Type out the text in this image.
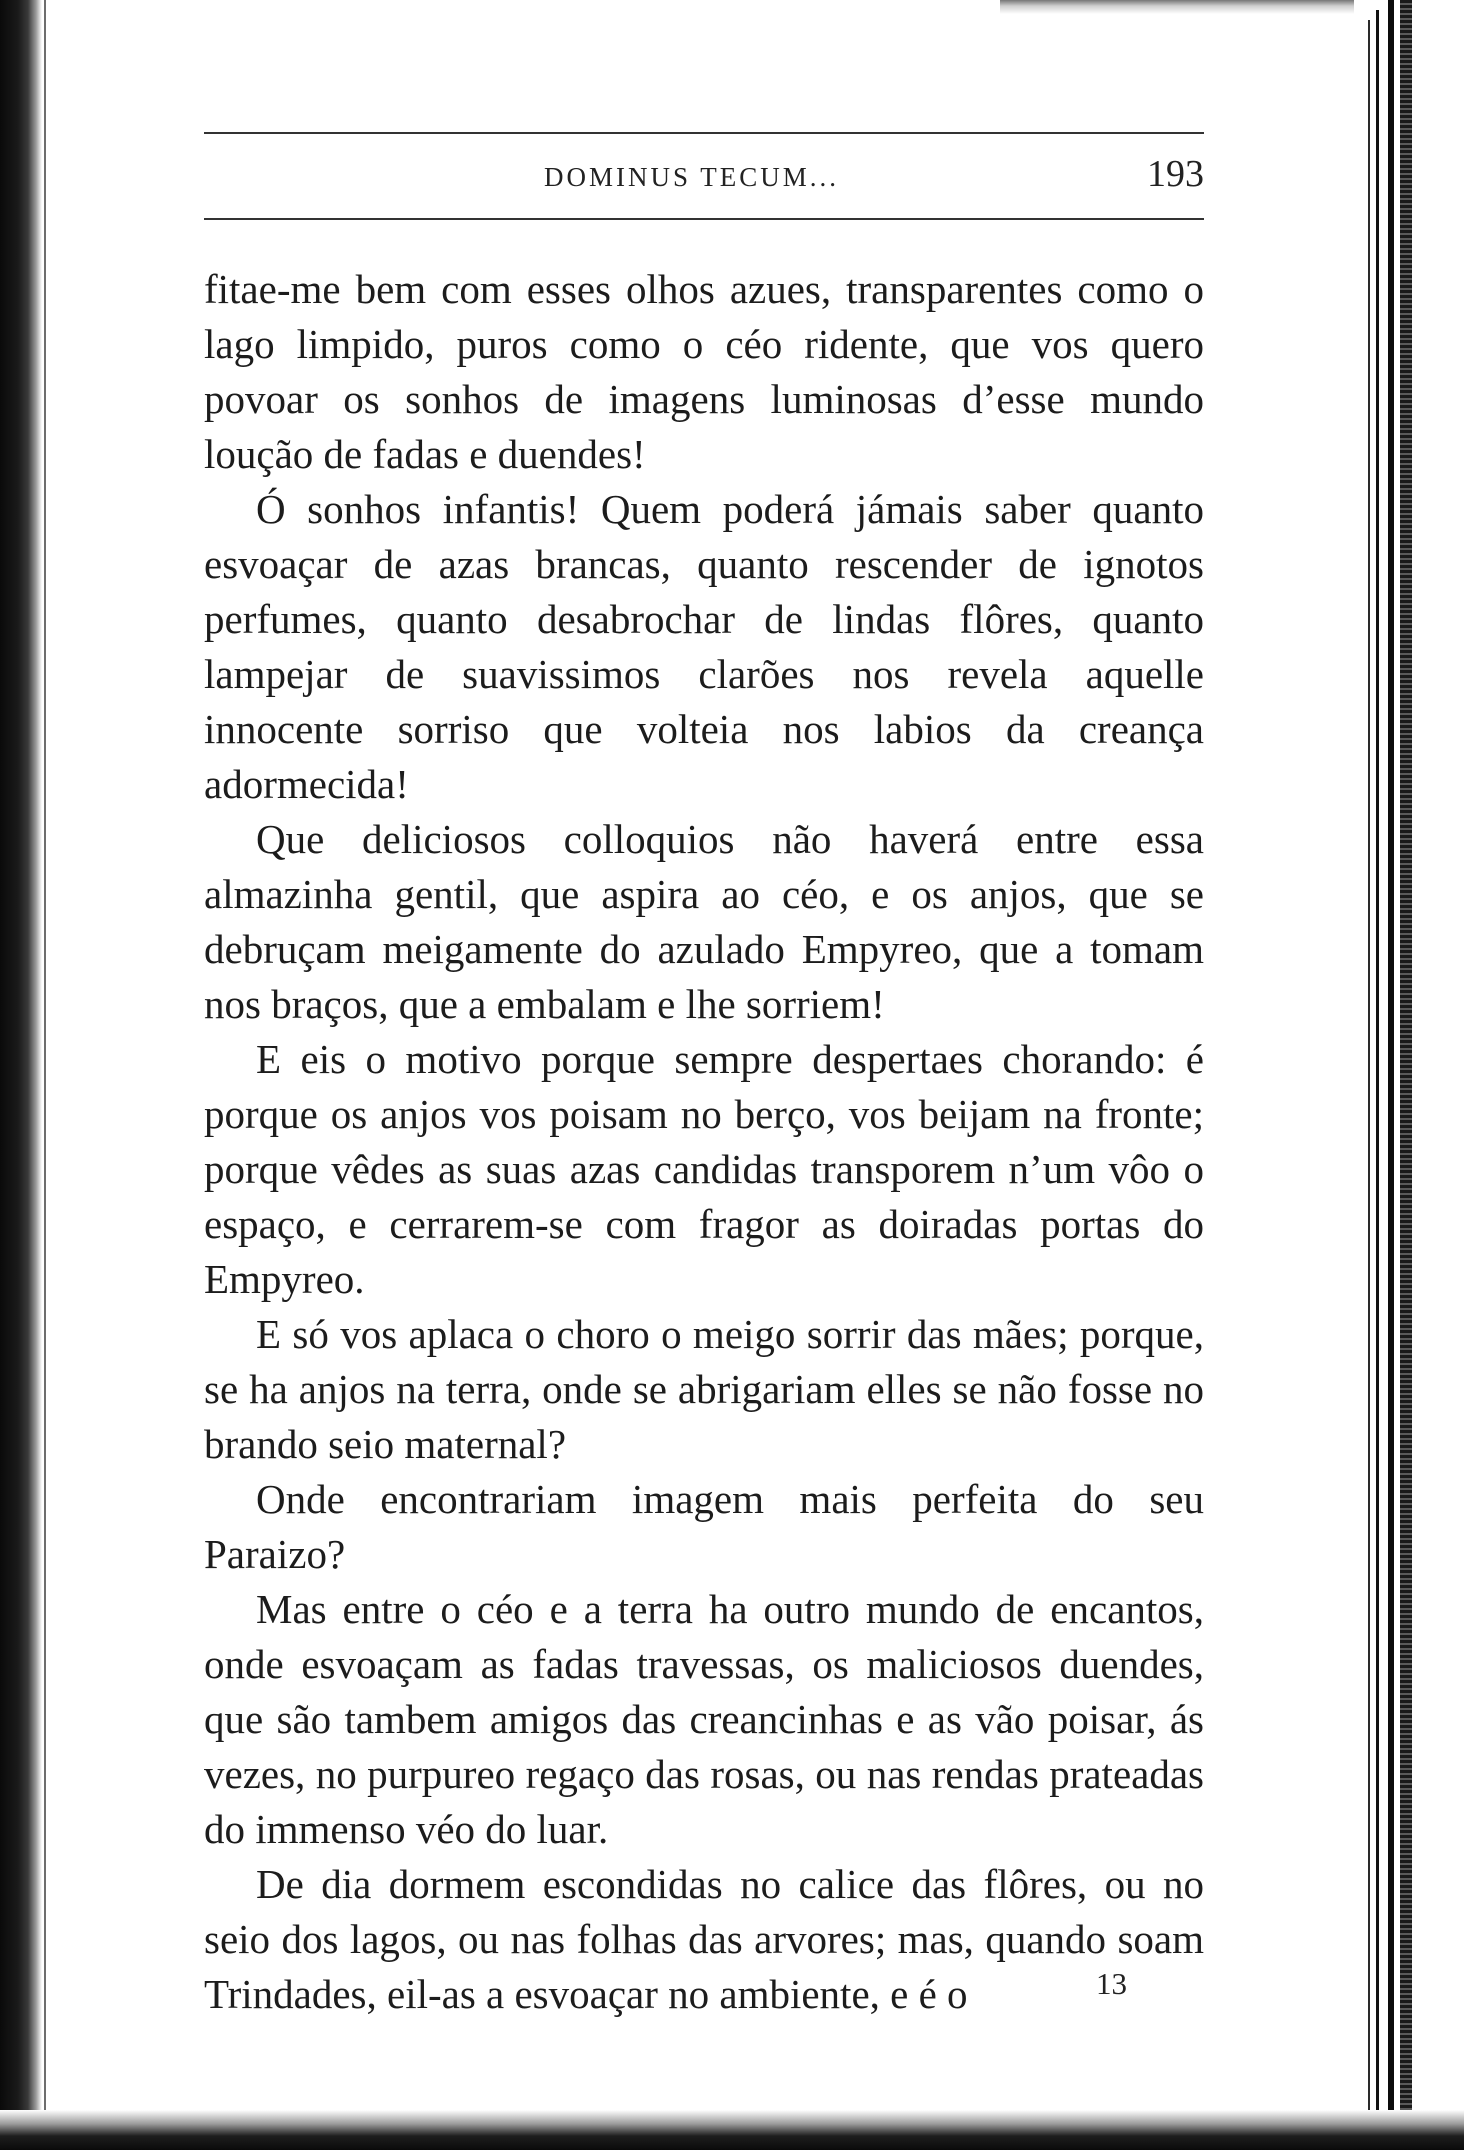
DOMINUS TECUM...	193

fitae-me bem com esses olhos azues, transparentes como o lago limpido, puros como o céo ridente, que vos quero povoar os sonhos de imagens luminosas d’esse mundo loução de fadas e duendes!

Ó sonhos infantis! Quem poderá jámais saber quanto esvoaçar de azas brancas, quanto rescender de ignotos perfumes, quanto desabrochar de lindas flôres, quanto lampejar de suavissimos clarões nos revela aquelle innocente sorriso que volteia nos labios da creança adormecida!

Que deliciosos colloquios não haverá entre essa almazinha gentil, que aspira ao céo, e os anjos, que se debruçam meigamente do azulado Empyreo, que a tomam nos braços, que a embalam e lhe sorriem!

E eis o motivo porque sempre despertaes chorando: é porque os anjos vos poisam no berço, vos beijam na fronte; porque vêdes as suas azas candidas transporem n’um vôo o espaço, e cerrarem-se com fragor as doiradas portas do Empyreo.

E só vos aplaca o choro o meigo sorrir das mães; porque, se ha anjos na terra, onde se abrigariam elles se não fosse no brando seio maternal?

Onde encontrariam imagem mais perfeita do seu Paraizo?

Mas entre o céo e a terra ha outro mundo de encantos, onde esvoaçam as fadas travessas, os maliciosos duendes, que são tambem amigos das creancinhas e as vão poisar, ás vezes, no purpureo regaço das rosas, ou nas rendas prateadas do immenso véo do luar.

De dia dormem escondidas no calice das flôres, ou no seio dos lagos, ou nas folhas das arvores; mas, quando soam Trindades, eil-as a esvoaçar no ambiente, e é o	13
